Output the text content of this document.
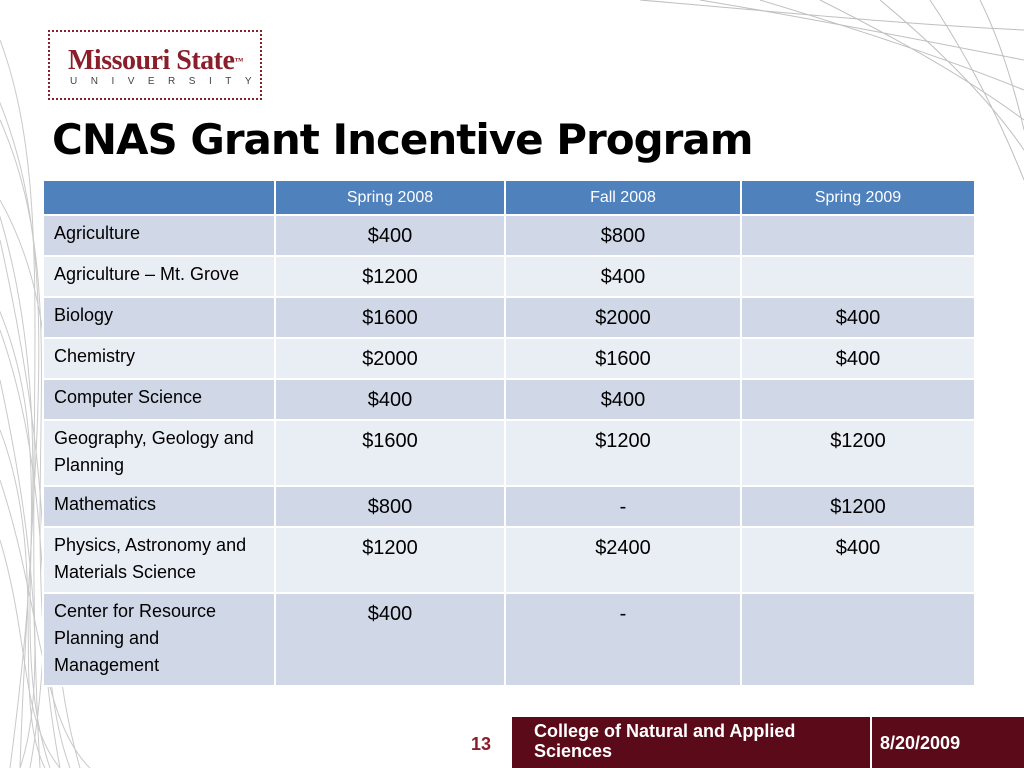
Missouri State™
UNIVERSITY
CNAS Grant Incentive Program
	Spring 2008	Fall 2008	Spring 2009
Agriculture	$400	$800	
Agriculture – Mt. Grove	$1200	$400	
Biology	$1600	$2000	$400
Chemistry	$2000	$1600	$400
Computer Science	$400	$400	
Geography, Geology and Planning	$1600	$1200	$1200
Mathematics	$800	-	$1200
Physics, Astronomy and Materials Science	$1200	$2400	$400
Center for Resource Planning and Management	$400	-	
13
College of Natural and Applied Sciences	8/20/2009
